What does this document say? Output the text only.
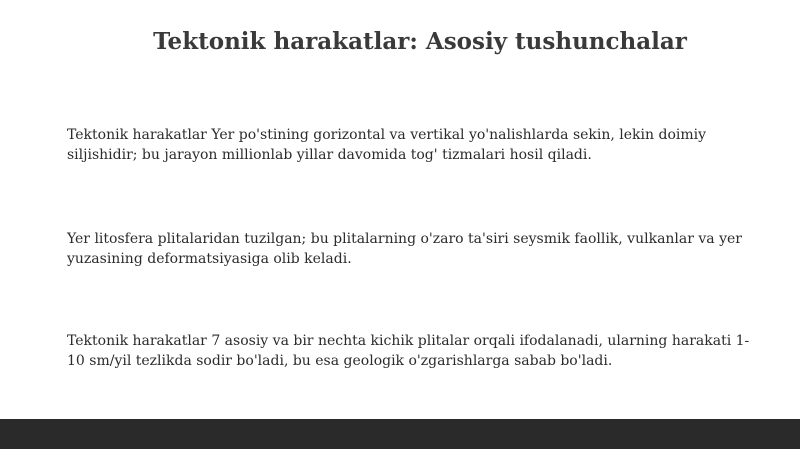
Tektonik harakatlar: Asosiy tushunchalar
Tektonik harakatlar Yer po'stining gorizontal va vertikal yo'nalishlarda sekin, lekin doimiy siljishidir; bu jarayon millionlab yillar davomida tog' tizmalari hosil qiladi.
Yer litosfera plitalaridan tuzilgan; bu plitalarning o'zaro ta'siri seysmik faollik, vulkanlar va yer yuzasining deformatsiyasiga olib keladi.
Tektonik harakatlar 7 asosiy va bir nechta kichik plitalar orqali ifodalanadi, ularning harakati 1-10 sm/yil tezlikda sodir bo'ladi, bu esa geologik o'zgarishlarga sabab bo'ladi.
